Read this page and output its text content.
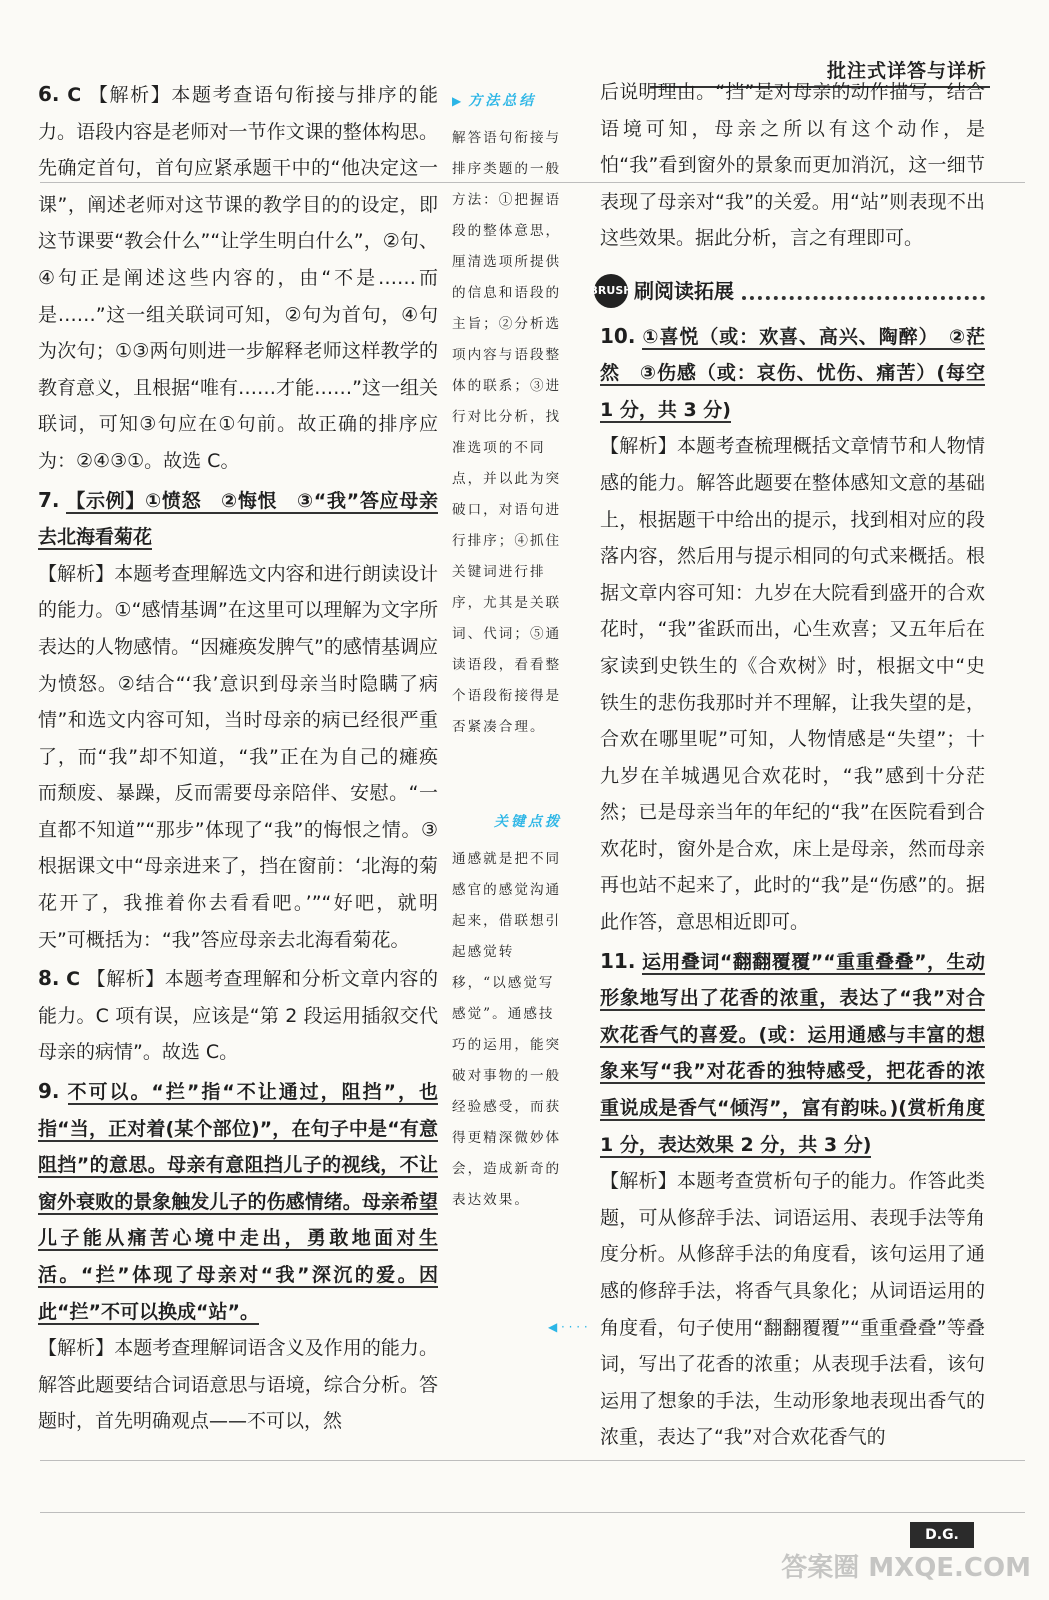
批注式详答与详析

6. C 【解析】本题考查语句衔接与排序的能力。语段内容是老师对一节作文课的整体构思。先确定首句，首句应紧承题干中的“他决定这一课”，阐述老师对这节课的教学目的的设定，即这节课要“教会什么”“让学生明白什么”，②句、④句正是阐述这些内容的，由“不是……而是……”这一组关联词可知，②句为首句，④句为次句；①③两句则进一步解释老师这样教学的教育意义，且根据“唯有……才能……”这一组关联词，可知③句应在①句前。故正确的排序应为：②④③①。故选 C。

7. 【示例】①愤怒　②悔恨　③“我”答应母亲去北海看菊花

【解析】本题考查理解选文内容和进行朗读设计的能力。①“感情基调”在这里可以理解为文字所表达的人物感情。“因瘫痪发脾气”的感情基调应为愤怒。②结合“‘我’意识到母亲当时隐瞒了病情”和选文内容可知，当时母亲的病已经很严重了，而“我”却不知道，“我”正在为自己的瘫痪而颓废、暴躁，反而需要母亲陪伴、安慰。“一直都不知道”“那步”体现了“我”的悔恨之情。③根据课文中“母亲进来了，挡在窗前：‘北海的菊花开了，我推着你去看看吧。’”“好吧，就明天”可概括为：“我”答应母亲去北海看菊花。

8. C 【解析】本题考查理解和分析文章内容的能力。C 项有误，应该是“第 2 段运用插叙交代母亲的病情”。故选 C。

9. 不可以。“拦”指“不让通过，阻挡”，也指“当，正对着(某个部位)”，在句子中是“有意阻挡”的意思。母亲有意阻挡儿子的视线，不让窗外衰败的景象触发儿子的伤感情绪。母亲希望儿子能从痛苦心境中走出，勇敢地面对生活。“拦”体现了母亲对“我”深沉的爱。因此“拦”不可以换成“站”。

【解析】本题考查理解词语含义及作用的能力。解答此题要结合词语意思与语境，综合分析。答题时，首先明确观点——不可以，然

▶ 方法总结
解答语句衔接与排序类题的一般方法：①把握语段的整体意思，厘清选项所提供的信息和语段的主旨；②分析选项内容与语段整体的联系；③进行对比分析，找准选项的不同点，并以此为突破口，对语句进行排序；④抓住关键词进行排序，尤其是关联词、代词；⑤通读语段，看看整个语段衔接得是否紧凑合理。
关键点拨
通感就是把不同感官的感觉沟通起来，借联想引起感觉转移，“以感觉写感觉”。通感技巧的运用，能突破对事物的一般经验感受，而获得更精深微妙体会，造成新奇的表达效果。
◀ · · · ·

后说明理由。“挡”是对母亲的动作描写，结合语境可知，母亲之所以有这个动作，是怕“我”看到窗外的景象而更加消沉，这一细节表现了母亲对“我”的关爱。用“站”则表现不出这些效果。据此分析，言之有理即可。

BRUSH 刷阅读拓展

10. ①喜悦（或：欢喜、高兴、陶醉）　②茫然　③伤感（或：哀伤、忧伤、痛苦）(每空 1 分，共 3 分)

【解析】本题考查梳理概括文章情节和人物情感的能力。解答此题要在整体感知文意的基础上，根据题干中给出的提示，找到相对应的段落内容，然后用与提示相同的句式来概括。根据文章内容可知：九岁在大院看到盛开的合欢花时，“我”雀跃而出，心生欢喜；又五年后在家读到史铁生的《合欢树》时，根据文中“史铁生的悲伤我那时并不理解，让我失望的是，合欢在哪里呢”可知，人物情感是“失望”；十九岁在羊城遇见合欢花时，“我”感到十分茫然；已是母亲当年的年纪的“我”在医院看到合欢花时，窗外是合欢，床上是母亲，然而母亲再也站不起来了，此时的“我”是“伤感”的。据此作答，意思相近即可。

11. 运用叠词“翻翻覆覆”“重重叠叠”，生动形象地写出了花香的浓重，表达了“我”对合欢花香气的喜爱。(或：运用通感与丰富的想象来写“我”对花香的独特感受，把花香的浓重说成是香气“倾泻”，富有韵味。)(赏析角度 1 分，表达效果 2 分，共 3 分)

【解析】本题考查赏析句子的能力。作答此类题，可从修辞手法、词语运用、表现手法等角度分析。从修辞手法的角度看，该句运用了通感的修辞手法，将香气具象化；从词语运用的角度看，句子使用“翻翻覆覆”“重重叠叠”等叠词，写出了花香的浓重；从表现手法看，该句运用了想象的手法，生动形象地表现出香气的浓重，表达了“我”对合欢花香气的

D.G.
答案圈 MXQE.COM
